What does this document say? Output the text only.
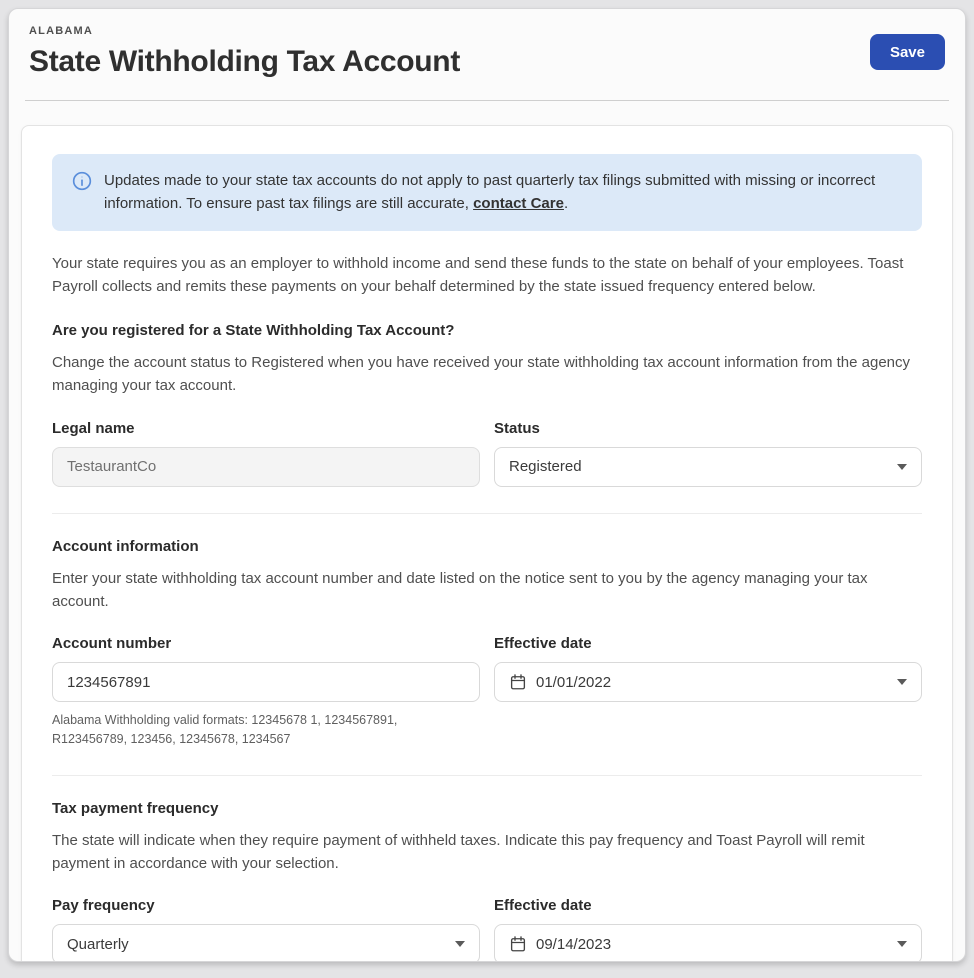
ALABAMA
State Withholding Tax Account	Save
Updates made to your state tax accounts do not apply to past quarterly tax filings submitted with missing or incorrect information. To ensure past tax filings are still accurate, contact Care.

Your state requires you as an employer to withhold income and send these funds to the state on behalf of your employees. Toast Payroll collects and remits these payments on your behalf determined by the state issued frequency entered below.

Are you registered for a State Withholding Tax Account?

Change the account status to Registered when you have received your state withholding tax account information from the agency managing your tax account.

Legal name
TestaurantCo	Status
Registered
Account information

Enter your state withholding tax account number and date listed on the notice sent to you by the agency managing your tax account.

Account number
1234567891
Alabama Withholding valid formats: 12345678 1, 1234567891, R123456789, 123456, 12345678, 1234567
Effective date
01/01/2022
Tax payment frequency

The state will indicate when they require payment of withheld taxes. Indicate this pay frequency and Toast Payroll will remit payment in accordance with your selection.

Pay frequency
Quarterly
Effective date
09/14/2023
